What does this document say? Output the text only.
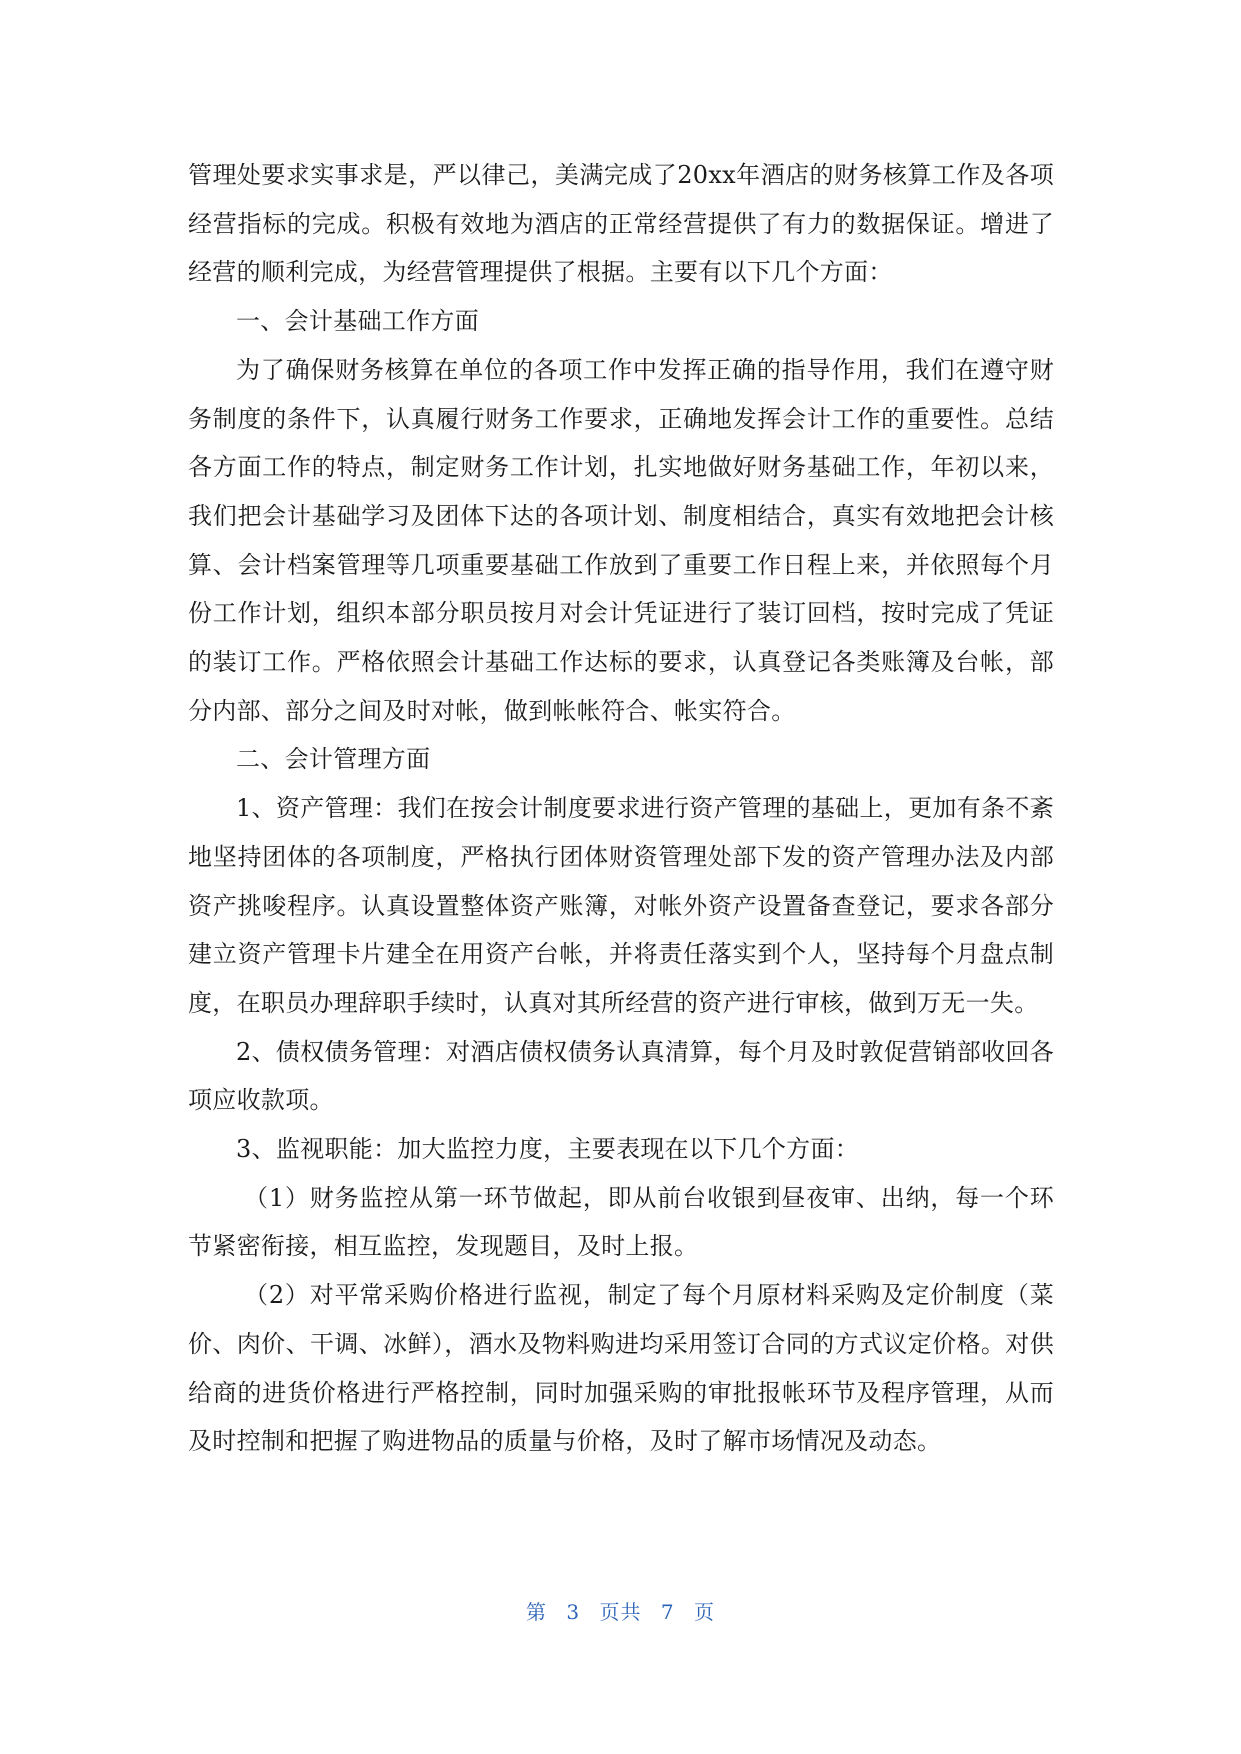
管理处要求实事求是，严以律己，美满完成了20xx年酒店的财务核算工作及各项经营指标的完成。积极有效地为酒店的正常经营提供了有力的数据保证。增进了经营的顺利完成，为经营管理提供了根据。主要有以下几个方面：

一、会计基础工作方面

为了确保财务核算在单位的各项工作中发挥正确的指导作用，我们在遵守财务制度的条件下，认真履行财务工作要求，正确地发挥会计工作的重要性。总结各方面工作的特点，制定财务工作计划，扎实地做好财务基础工作，年初以来，我们把会计基础学习及团体下达的各项计划、制度相结合，真实有效地把会计核算、会计档案管理等几项重要基础工作放到了重要工作日程上来，并依照每个月份工作计划，组织本部分职员按月对会计凭证进行了装订回档，按时完成了凭证的装订工作。严格依照会计基础工作达标的要求，认真登记各类账簿及台帐，部分内部、部分之间及时对帐，做到帐帐符合、帐实符合。

二、会计管理方面

1、资产管理：我们在按会计制度要求进行资产管理的基础上，更加有条不紊地坚持团体的各项制度，严格执行团体财资管理处部下发的资产管理办法及内部资产挑唆程序。认真设置整体资产账簿，对帐外资产设置备查登记，要求各部分建立资产管理卡片建全在用资产台帐，并将责任落实到个人，坚持每个月盘点制度，在职员办理辞职手续时，认真对其所经营的资产进行审核，做到万无一失。

2、债权债务管理：对酒店债权债务认真清算，每个月及时敦促营销部收回各项应收款项。

3、监视职能：加大监控力度，主要表现在以下几个方面：

（1）财务监控从第一环节做起，即从前台收银到昼夜审、出纳，每一个环节紧密衔接，相互监控，发现题目，及时上报。

（2）对平常采购价格进行监视，制定了每个月原材料采购及定价制度（菜价、肉价、干调、冰鲜），酒水及物料购进均采用签订合同的方式议定价格。对供给商的进货价格进行严格控制，同时加强采购的审批报帐环节及程序管理，从而及时控制和把握了购进物品的质量与价格，及时了解市场情况及动态。

第 3 页共 7 页
